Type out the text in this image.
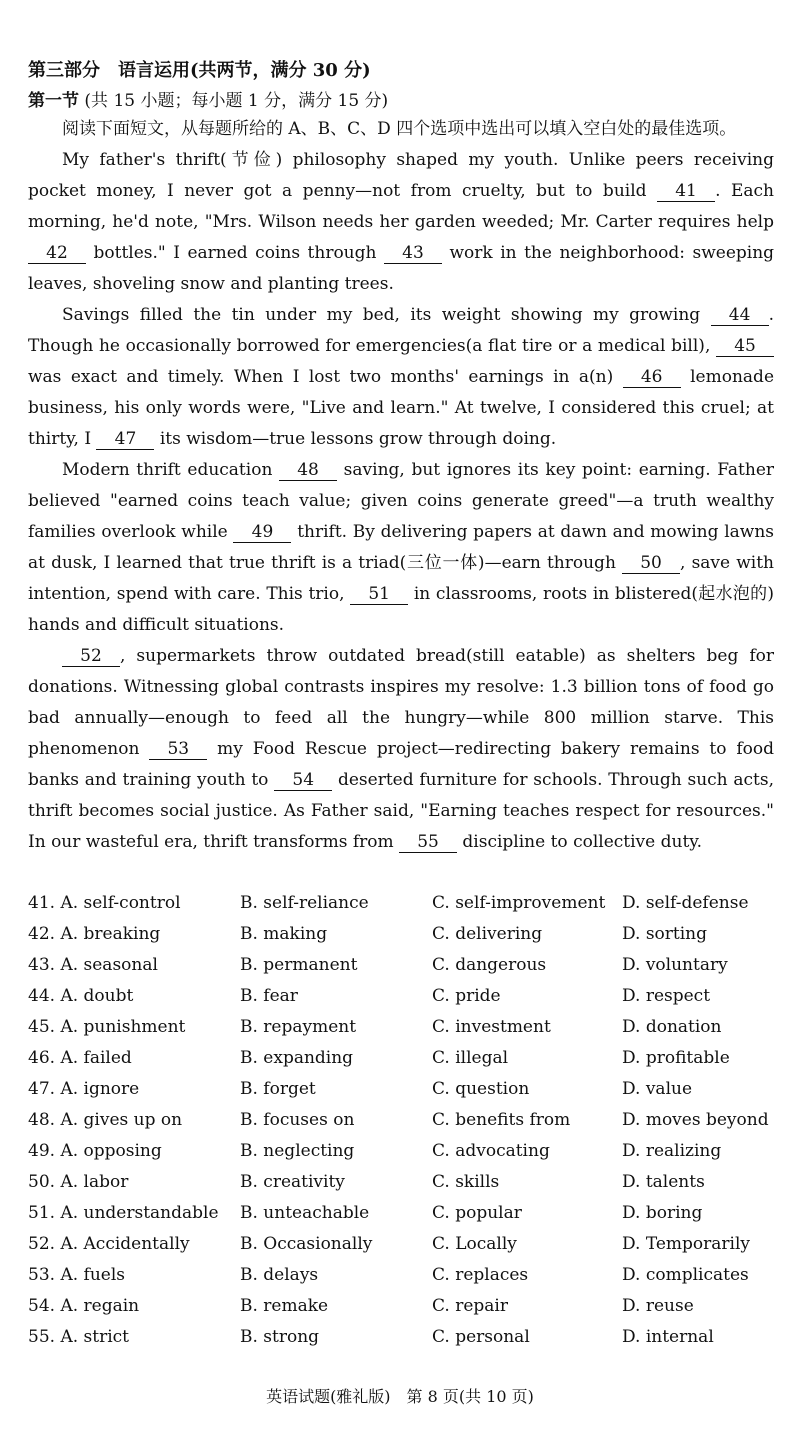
第三部分　语言运用(共两节，满分 30 分)
第一节 (共 15 小题；每小题 1 分，满分 15 分)

阅读下面短文，从每题所给的 A、B、C、D 四个选项中选出可以填入空白处的最佳选项。

My father's thrift(节俭) philosophy shaped my youth. Unlike peers receiving pocket money, I never got a penny—not from cruelty, but to build 41 . Each morning, he'd note, "Mrs. Wilson needs her garden weeded; Mr. Carter requires help 42 bottles." I earned coins through 43 work in the neighborhood: sweeping leaves, shoveling snow and planting trees.

Savings filled the tin under my bed, its weight showing my growing 44 . Though he occasionally borrowed for emergencies(a flat tire or a medical bill), 45 was exact and timely. When I lost two months' earnings in a(n) 46 lemonade business, his only words were, "Live and learn." At twelve, I considered this cruel; at thirty, I 47 its wisdom—true lessons grow through doing.

Modern thrift education 48 saving, but ignores its key point: earning. Father believed "earned coins teach value; given coins generate greed"—a truth wealthy families overlook while 49 thrift. By delivering papers at dawn and mowing lawns at dusk, I learned that true thrift is a triad(三位一体)—earn through 50 , save with intention, spend with care. This trio, 51 in classrooms, roots in blistered(起水泡的) hands and difficult situations.

52 , supermarkets throw outdated bread(still eatable) as shelters beg for donations. Witnessing global contrasts inspires my resolve: 1.3 billion tons of food go bad annually—enough to feed all the hungry—while 800 million starve. This phenomenon 53 my Food Rescue project—redirecting bakery remains to food banks and training youth to 54 deserted furniture for schools. Through such acts, thrift becomes social justice. As Father said, "Earning teaches respect for resources." In our wasteful era, thrift transforms from 55 discipline to collective duty.

41. A. self-control	B. self-reliance	C. self-improvement D. self-defense
42. A. breaking	B. making	C. delivering	D. sorting
43. A. seasonal	B. permanent	C. dangerous	D. voluntary
44. A. doubt	B. fear	C. pride	D. respect
45. A. punishment	B. repayment	C. investment	D. donation
46. A. failed	B. expanding	C. illegal	D. profitable
47. A. ignore	B. forget	C. question	D. value
48. A. gives up on	B. focuses on	C. benefits from	D. moves beyond
49. A. opposing	B. neglecting	C. advocating	D. realizing
50. A. labor	B. creativity	C. skills	D. talents
51. A. understandable B. unteachable	C. popular	D. boring
52. A. Accidentally	B. Occasionally	C. Locally	D. Temporarily
53. A. fuels	B. delays	C. replaces	D. complicates
54. A. regain	B. remake	C. repair	D. reuse
55. A. strict	B. strong	C. personal	D. internal
英语试题(雅礼版)　第 8 页(共 10 页)
